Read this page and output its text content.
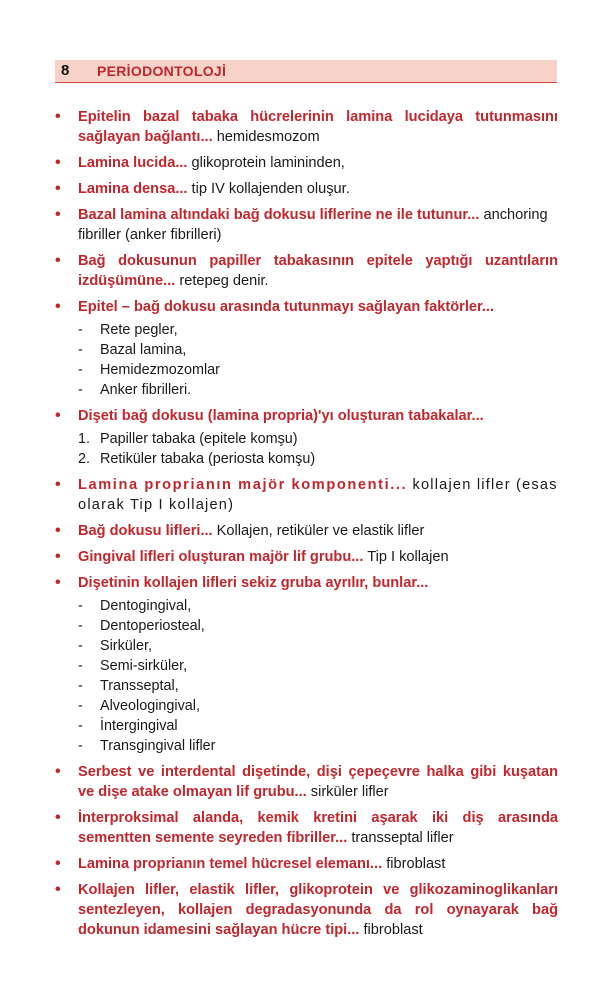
8 PERİODONTOLOJİ
• Epitelin bazal tabaka hücrelerinin lamina lucidaya tutunmasını sağlayan bağlantı... hemidesmozom
• Lamina lucida... glikoprotein lamininden,
• Lamina densa... tip IV kollajenden oluşur.
• Bazal lamina altındaki bağ dokusu liflerine ne ile tutunur... anchoring fibriller (anker fibrilleri)
• Bağ dokusunun papiller tabakasının epitele yaptığı uzantıların izdüşümüne... retepeg denir.
• Epitel – bağ dokusu arasında tutunmayı sağlayan faktörler...
- Rete pegler,
- Bazal lamina,
- Hemidezmozomlar
- Anker fibrilleri.
• Dişeti bağ dokusu (lamina propria)'yı oluşturan tabakalar...
1. Papiller tabaka (epitele komşu)
2. Retiküler tabaka (periosta komşu)
• Lamina propria​nın majör komponenti... kollajen lifler (esas olarak Tip I kollajen)
• Bağ dokusu lifleri... Kollajen, retiküler ve elastik lifler
• Gingival lifleri oluşturan majör lif grubu... Tip I kollajen
• Dişetinin kollajen lifleri sekiz gruba ayrılır, bunlar...
- Dentogingival,
- Dentoperiosteal,
- Sirküler,
- Semi-sirküler,
- Transseptal,
- Alveologingival,
- İntergingival
- Transgingival lifler
• Serbest ve interdental dişetinde, dişi çepeçevre halka gibi kuşatan ve dişe atake olmayan lif grubu... sirküler lifler
• İnterproksimal alanda, kemik kretini aşarak iki diş arasında sementten semente seyreden fibriller... transseptal lifler
• Lamina proprianın temel hücresel elemanı... fibroblast
• Kollajen lifler, elastik lifler, glikoprotein ve glikozaminoglikanları sentezleyen, kollajen degradasyonunda da rol oynayarak bağ dokunun idamesini sağlayan hücre tipi... fibroblast
